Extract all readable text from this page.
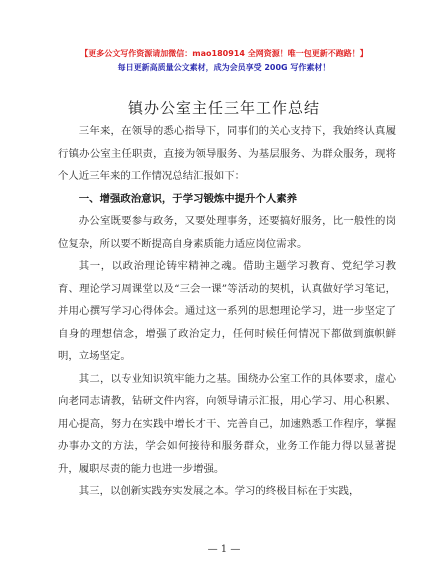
【更多公文写作资源请加微信：mao180914 全网资源！唯一包更新不跑路！】
每日更新高质量公文素材，成为会员享受 200G 写作素材！
镇办公室主任三年工作总结

三年来，在领导的悉心指导下，同事们的关心支持下，我始终认真履行镇办公室主任职责，直接为领导服务、为基层服务、为群众服务，现将个人近三年来的工作情况总结汇报如下：

一、增强政治意识，于学习锻炼中提升个人素养

办公室既要参与政务，又要处理事务，还要搞好服务，比一般性的岗位复杂，所以要不断提高自身素质能力适应岗位需求。

其一，以政治理论铸牢精神之魂。借助主题学习教育、党纪学习教育、理论学习周课堂以及“三会一课”等活动的契机，认真做好学习笔记，并用心撰写学习心得体会。通过这一系列的思想理论学习，进一步坚定了自身的理想信念，增强了政治定力，任何时候任何情况下都做到旗帜鲜明，立场坚定。

其二，以专业知识筑牢能力之基。围绕办公室工作的具体要求，虚心向老同志请教，钻研文件内容，向领导请示汇报，用心学习、用心积累、用心提高，努力在实践中增长才干、完善自己，加速熟悉工作程序，掌握办事办文的方法，学会如何接待和服务群众，业务工作能力得以显著提升，履职尽责的能力也进一步增强。

其三，以创新实践夯实发展之本。学习的终极目标在于实践，

— 1 —
